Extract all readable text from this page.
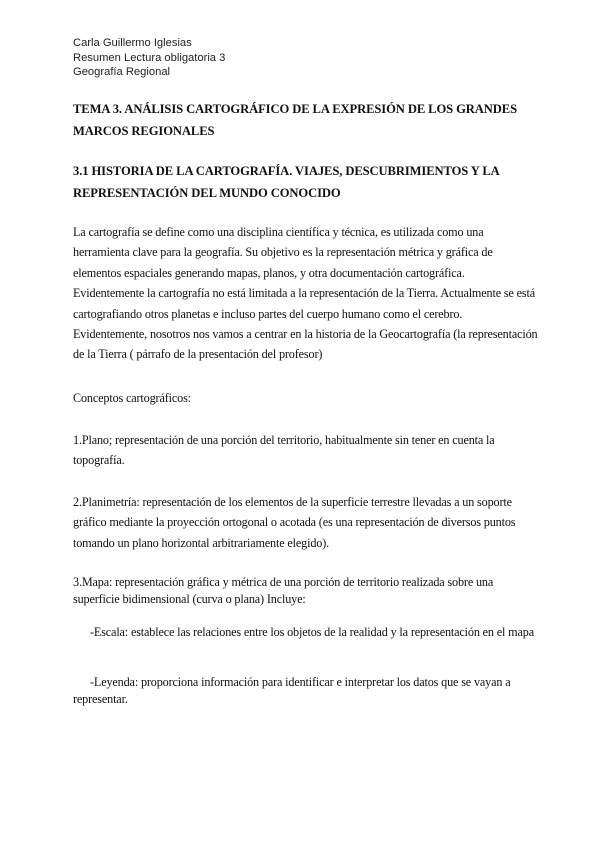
Carla Guillermo Iglesias
Resumen Lectura obligatoria 3
Geografía Regional
TEMA 3. ANÁLISIS CARTOGRÁFICO DE LA EXPRESIÓN DE LOS GRANDES MARCOS REGIONALES
3.1 HISTORIA DE LA CARTOGRAFÍA. VIAJES, DESCUBRIMIENTOS Y LA REPRESENTACIÓN DEL MUNDO CONOCIDO
La cartografía se define como una disciplina científica y técnica, es utilizada como una herramienta clave para la geografía. Su objetivo es la representación métrica y gráfica de elementos espaciales generando mapas, planos, y otra documentación cartográfica. Evidentemente la cartografía no está limitada a la representación de la Tierra. Actualmente se está cartografiando otros planetas e incluso partes del cuerpo humano como el cerebro. Evidentemente, nosotros nos vamos a centrar en la historia de la Geocartografía (la representación de la Tierra ( párrafo de la presentación del profesor)
Conceptos cartográficos:
1.Plano; representación de una porción del territorio, habitualmente sin tener en cuenta la topografía.
2.Planimetría: representación de los elementos de la superficie terrestre llevadas a un soporte gráfico mediante la proyección ortogonal o acotada (es una representación de diversos puntos tomando un plano horizontal arbitrariamente elegido).
3.Mapa: representación gráfica y métrica de una porción de territorio realizada sobre una superficie bidimensional (curva o plana) Incluye:
-Escala: establece las relaciones entre los objetos de la realidad y la representación en el mapa
-Leyenda: proporciona información para identificar e interpretar los datos que se vayan a representar.
